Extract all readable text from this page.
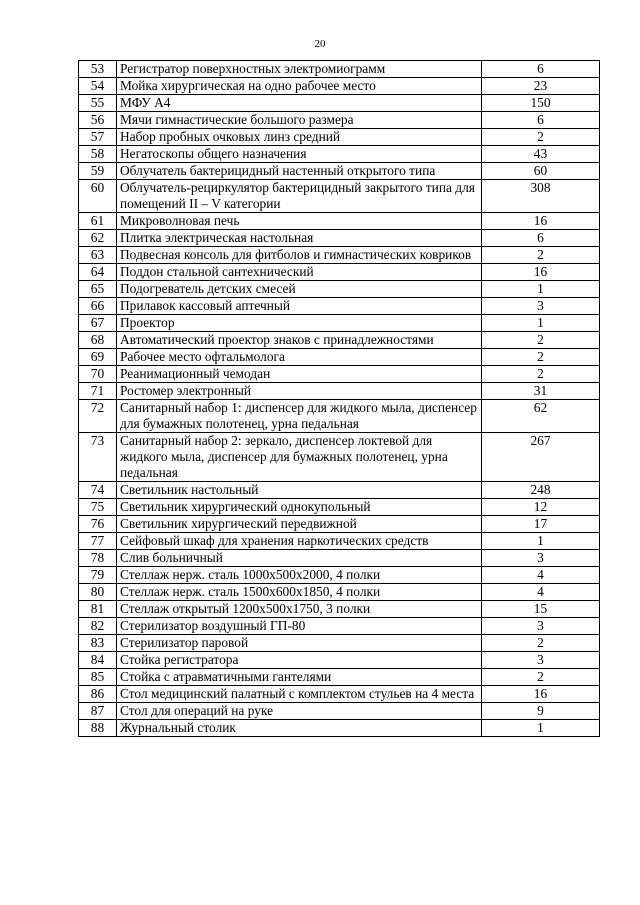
20
53	Регистратор поверхностных электромиограмм	6
54	Мойка хирургическая на одно рабочее место	23
55	МФУ А4	150
56	Мячи гимнастические большого размера	6
57	Набор пробных очковых линз средний	2
58	Негатоскопы общего назначения	43
59	Облучатель бактерицидный настенный открытого типа	60
60	Облучатель-рециркулятор бактерицидный закрытого типа для помещений II – V категории	308
61	Микроволновая печь	16
62	Плитка электрическая настольная	6
63	Подвесная консоль для фитболов и гимнастических ковриков	2
64	Поддон стальной сантехнический	16
65	Подогреватель детских смесей	1
66	Прилавок кассовый аптечный	3
67	Проектор	1
68	Автоматический проектор знаков с принадлежностями	2
69	Рабочее место офтальмолога	2
70	Реанимационный чемодан	2
71	Ростомер электронный	31
72	Санитарный набор 1: диспенсер для жидкого мыла, диспенсер для бумажных полотенец, урна педальная	62
73	Санитарный набор 2: зеркало, диспенсер локтевой для жидкого мыла, диспенсер для бумажных полотенец, урна педальная	267
74	Светильник настольный	248
75	Светильник хирургический однокупольный	12
76	Светильник хирургический передвижной	17
77	Сейфовый шкаф для хранения наркотических средств	1
78	Слив больничный	3
79	Стеллаж нерж. сталь 1000х500х2000, 4 полки	4
80	Стеллаж нерж. сталь 1500х600х1850, 4 полки	4
81	Стеллаж открытый 1200х500х1750, 3 полки	15
82	Стерилизатор воздушный ГП-80	3
83	Стерилизатор паровой	2
84	Стойка регистратора	3
85	Стойка с атравматичными гантелями	2
86	Стол медицинский палатный с комплектом стульев на 4 места	16
87	Стол для операций на руке	9
88	Журнальный столик	1
